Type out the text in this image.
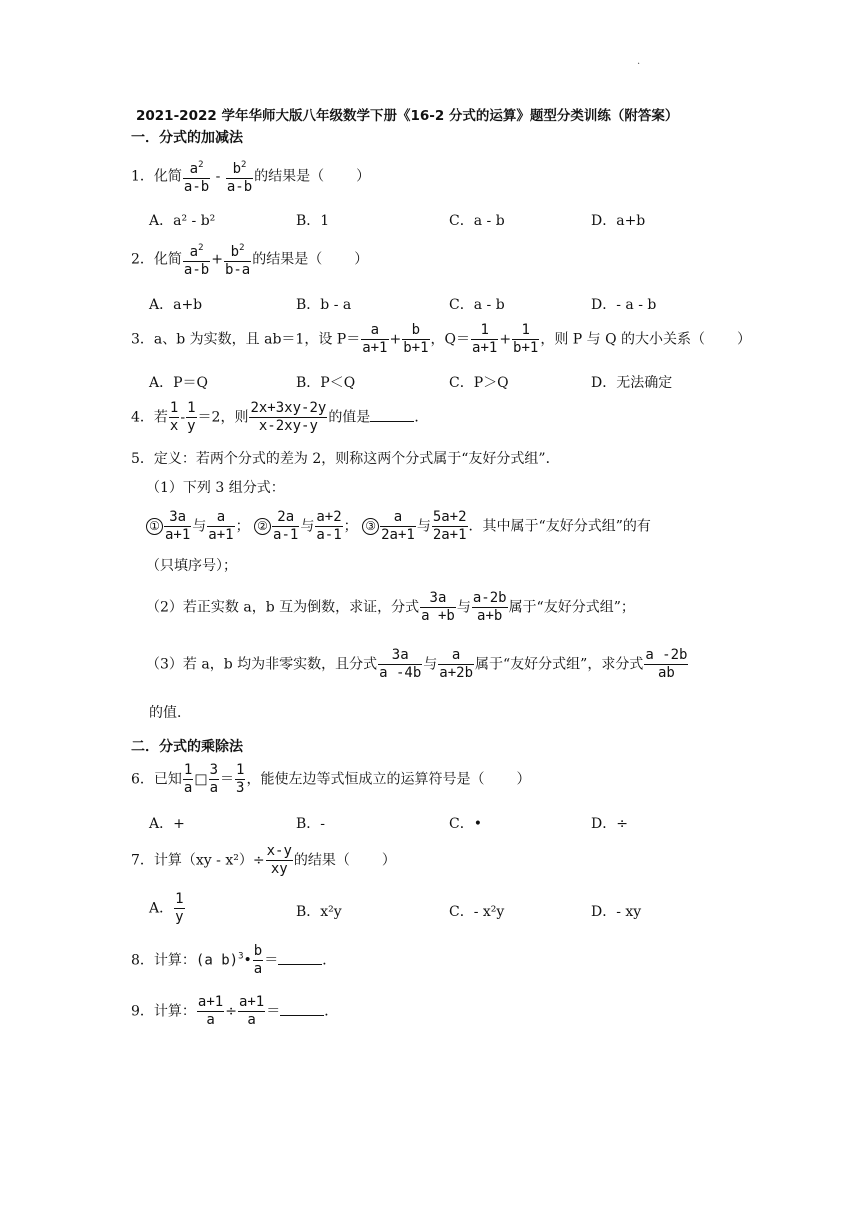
.
2021-2022 学年华师大版八年级数学下册《16-2 分式的运算》题型分类训练（附答案）
一．分式的加减法
1．化简 $\frac{a^2}{a-b} - \frac{b^2}{a-b}$ 的结果是（ ）
A．a² - b²	B．1	C．a - b	D．a+b
2．化简 $\frac{a^2}{a-b} + \frac{b^2}{b-a}$ 的结果是（ ）
A．a+b	B．b - a	C．a - b	D．- a - b
3．a、b 为实数，且 ab＝1，设 $P= \frac{a}{a+1} + \frac{b}{b+1}$ ，$Q= \frac{1}{a+1} + \frac{1}{b+1}$ ，则 P 与 Q 的大小关系（ ）
A．P＝Q	B．P＜Q	C．P＞Q	D．无法确定
4．若 $\frac{1}{x} - \frac{1}{y} =2$，则 $\frac{2x+3xy-2y}{x-2xy-y}$ 的值是	．
5．定义：若两个分式的差为 2，则称这两个分式属于“友好分式组”．
（1）下列 3 组分式：
① $\frac{3a}{a+1}$ 与 $\frac{a}{a+1}$ ； ② $\frac{2a}{a-1}$ 与 $\frac{a+2}{a-1}$ ； ③ $\frac{a}{2a+1}$ 与 $\frac{5a+2}{2a+1}$ ．其中属于“友好分式组”的有
（只填序号）；
（2）若正实数 a，b 互为倒数，求证，分式 $\frac{3a}{a +b}$ 与 $\frac{a-2b}{a+b}$ 属于“友好分式组”；
（3）若 a，b 均为非零实数，且分式 $\frac{3a}{a -4b}$ 与 $\frac{a}{a+2b}$ 属于“友好分式组”，求分式 $\frac{a -2b}{ab}$
的值．
二．分式的乘除法
6．已知 $\frac{1}{a}$ □ $\frac{3}{a} = \frac{1}{3}$ ，能使左边等式恒成立的运算符号是（ ）
A．+	B．-	C．•	D．÷
7．计算$(xy - x^2)\div \frac{x-y}{xy}$ 的结果（ ）
A． $\frac{1}{y}$	B．x²y	C．- x²y	D．- xy
8．计算：(a b)$^3$• $\frac{b}{a}$ ＝	．
9．计算： $\frac{a+1}{a} \div \frac{a+1}{a}$ ＝	．
